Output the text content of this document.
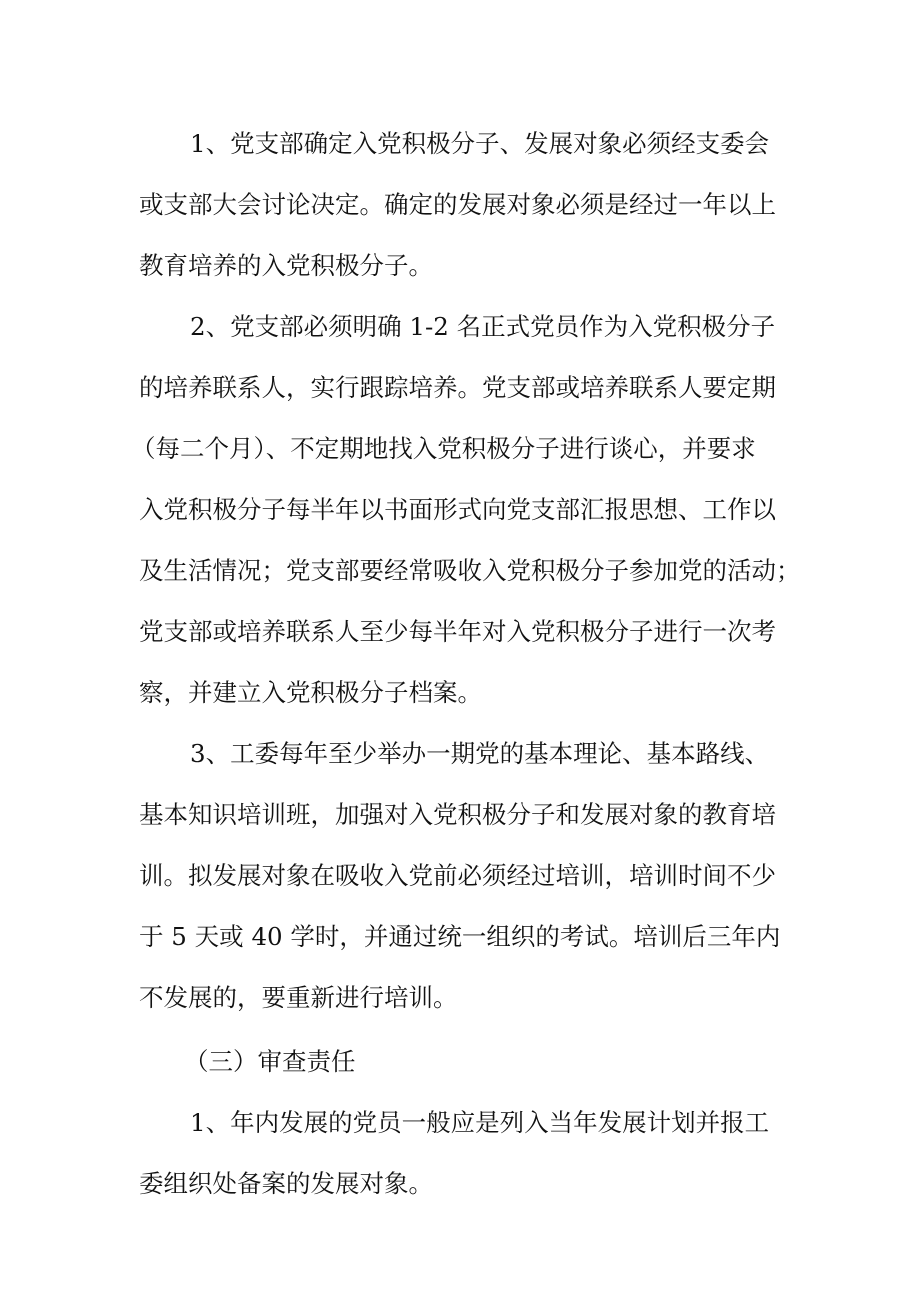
1、党支部确定入党积极分子、发展对象必须经支委会
或支部大会讨论决定。确定的发展对象必须是经过一年以上
教育培养的入党积极分子。
2、党支部必须明确 1-2 名正式党员作为入党积极分子
的培养联系人，实行跟踪培养。党支部或培养联系人要定期
（每二个月）、不定期地找入党积极分子进行谈心，并要求
入党积极分子每半年以书面形式向党支部汇报思想、工作以
及生活情况；党支部要经常吸收入党积极分子参加党的活动；
党支部或培养联系人至少每半年对入党积极分子进行一次考
察，并建立入党积极分子档案。
3、工委每年至少举办一期党的基本理论、基本路线、
基本知识培训班，加强对入党积极分子和发展对象的教育培
训。拟发展对象在吸收入党前必须经过培训，培训时间不少
于 5 天或 40 学时，并通过统一组织的考试。培训后三年内
不发展的，要重新进行培训。
（三）审查责任
1、年内发展的党员一般应是列入当年发展计划并报工
委组织处备案的发展对象。
